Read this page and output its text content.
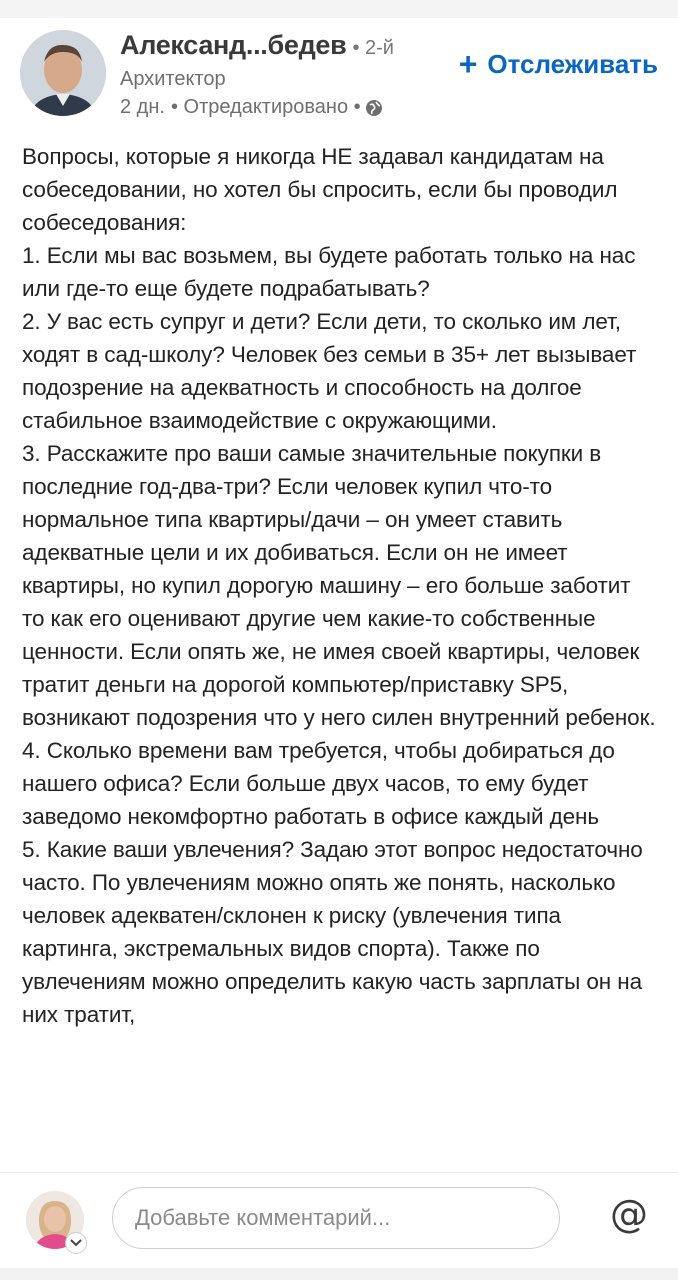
Александ...бедев • 2-й
Архитектор
2 дн. • Отредактировано •
+ Отслеживать

Вопросы, которые я никогда НЕ задавал кандидатам на собеседовании, но хотел бы спросить, если бы проводил собеседования:

1. Если мы вас возьмем, вы будете работать только на нас или где-то еще будете подрабатывать?

2. У вас есть супруг и дети? Если дети, то сколько им лет, ходят в сад-школу? Человек без семьи в 35+ лет вызывает подозрение на адекватность и способность на долгое стабильное взаимодействие с окружающими.

3. Расскажите про ваши самые значительные покупки в последние год-два-три? Если человек купил что-то нормальное типа квартиры/дачи – он умеет ставить адекватные цели и их добиваться. Если он не имеет квартиры, но купил дорогую машину – его больше заботит то как его оценивают другие чем какие-то собственные ценности. Если опять же, не имея своей квартиры, человек тратит деньги на дорогой компьютер/приставку SP5, возникают подозрения что у него силен внутренний ребенок.

4. Сколько времени вам требуется, чтобы добираться до нашего офиса? Если больше двух часов, то ему будет заведомо некомфортно работать в офисе каждый день

5. Какие ваши увлечения? Задаю этот вопрос недостаточно часто. По увлечениям можно опять же понять, насколько человек адекватен/склонен к риску (увлечения типа картинга, экстремальных видов спорта). Также по увлечениям можно определить какую часть зарплаты он на них тратит,

Добавьте комментарий...	@
